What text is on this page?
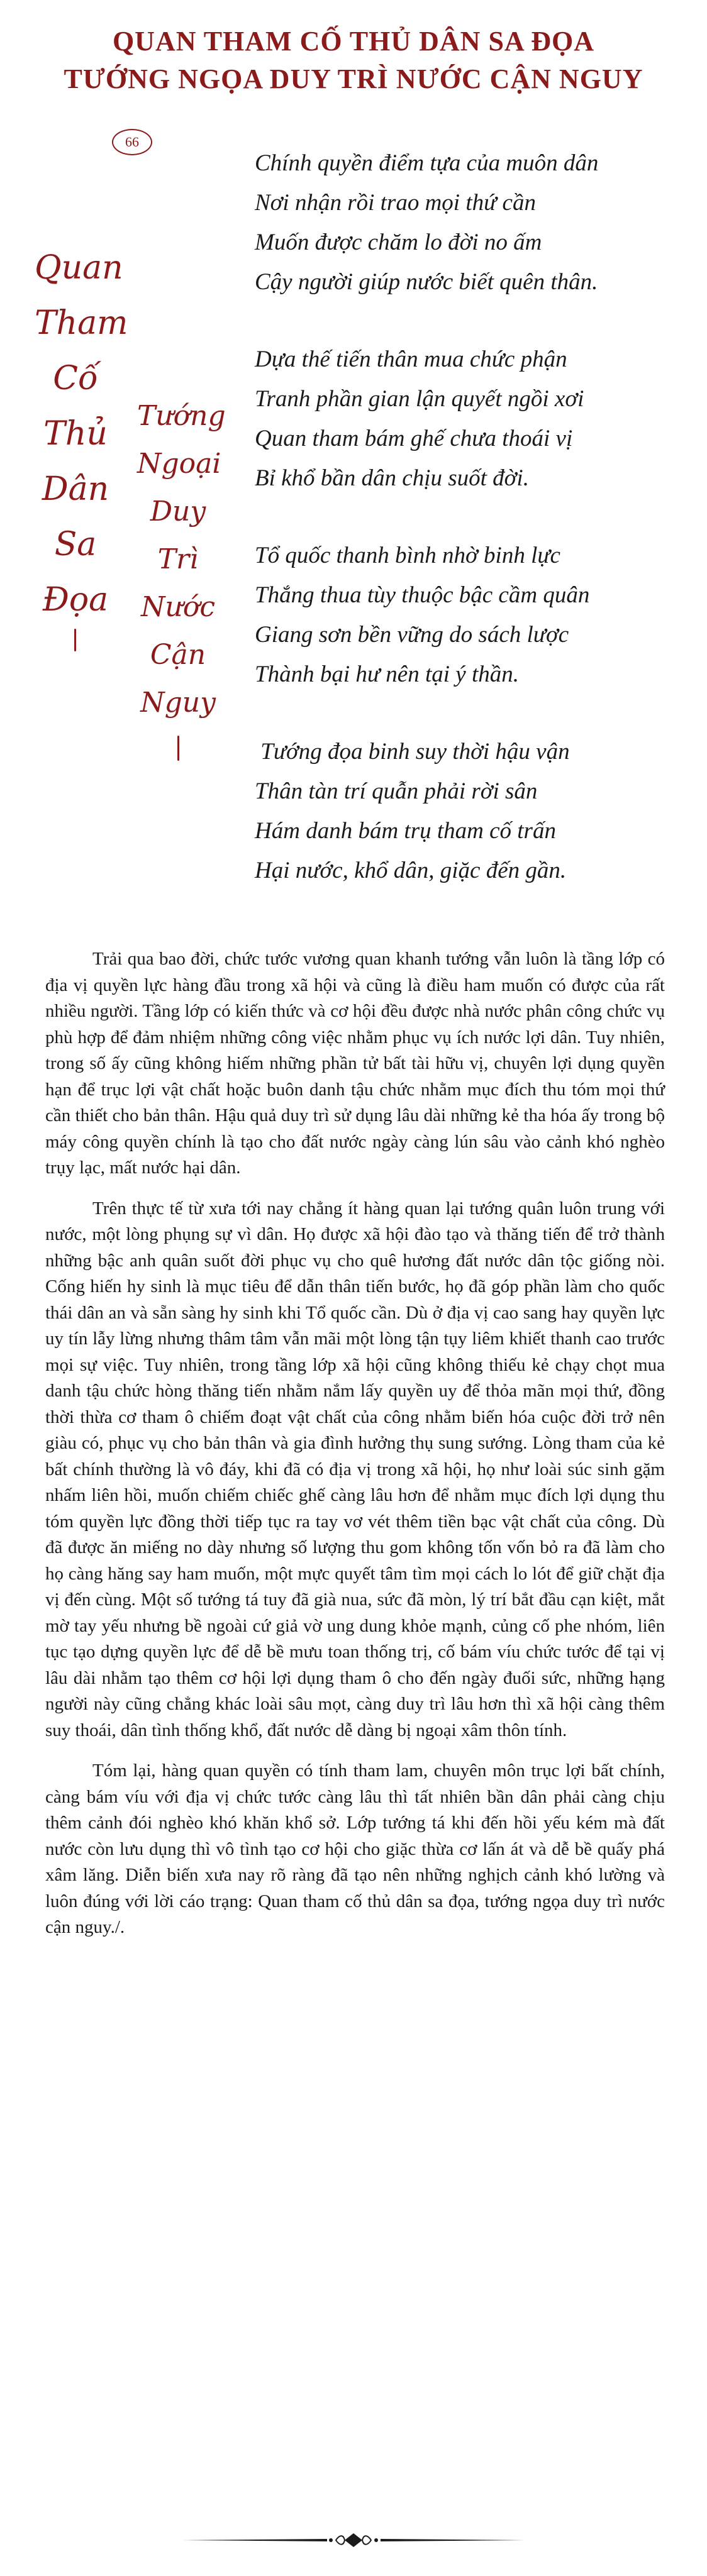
QUAN THAM CỐ THỦ DÂN SA ĐỌA
TƯỚNG NGỌA DUY TRÌ NƯỚC CẬN NGUY
66
Quan
Tham
Cố
Thủ
Dân
Sa
Đọa
Tướng
Ngoại
Duy
Trì
Nước
Cận
Nguy
Chính quyền điểm tựa của muôn dân
Nơi nhận rồi trao mọi thứ cần
Muốn được chăm lo đời no ấm
Cậy người giúp nước biết quên thân.
Dựa thế tiến thân mua chức phận
Tranh phần gian lận quyết ngồi xơi
Quan tham bám ghế chưa thoái vị
Bỉ khổ bần dân chịu suốt đời.
Tổ quốc thanh bình nhờ binh lực
Thắng thua tùy thuộc bậc cầm quân
Giang sơn bền vững do sách lược
Thành bại hư nên tại ý thần.
Tướng đọa binh suy thời hậu vận
Thân tàn trí quẫn phải rời sân
Hám danh bám trụ tham cố trấn
Hại nước, khổ dân, giặc đến gần.

Trải qua bao đời, chức tước vương quan khanh tướng vẫn luôn là tầng lớp có địa vị quyền lực hàng đầu trong xã hội và cũng là điều ham muốn có được của rất nhiều người. Tầng lớp có kiến thức và cơ hội đều được nhà nước phân công chức vụ phù hợp để đảm nhiệm những công việc nhằm phục vụ ích nước lợi dân. Tuy nhiên, trong số ấy cũng không hiếm những phần tử bất tài hữu vị, chuyên lợi dụng quyền hạn để trục lợi vật chất hoặc buôn danh tậu chức nhằm mục đích thu tóm mọi thứ cần thiết cho bản thân. Hậu quả duy trì sử dụng lâu dài những kẻ tha hóa ấy trong bộ máy công quyền chính là tạo cho đất nước ngày càng lún sâu vào cảnh khó nghèo trụy lạc, mất nước hại dân.

Trên thực tế từ xưa tới nay chẳng ít hàng quan lại tướng quân luôn trung với nước, một lòng phụng sự vì dân. Họ được xã hội đào tạo và thăng tiến để trở thành những bậc anh quân suốt đời phục vụ cho quê hương đất nước dân tộc giống nòi. Cống hiến hy sinh là mục tiêu để dẫn thân tiến bước, họ đã góp phần làm cho quốc thái dân an và sẵn sàng hy sinh khi Tổ quốc cần. Dù ở địa vị cao sang hay quyền lực uy tín lẫy lừng nhưng thâm tâm vẫn mãi một lòng tận tụy liêm khiết thanh cao trước mọi sự việc. Tuy nhiên, trong tầng lớp xã hội cũng không thiếu kẻ chạy chọt mua danh tậu chức hòng thăng tiến nhằm nắm lấy quyền uy để thỏa mãn mọi thứ, đồng thời thừa cơ tham ô chiếm đoạt vật chất của công nhằm biến hóa cuộc đời trở nên giàu có, phục vụ cho bản thân và gia đình hưởng thụ sung sướng. Lòng tham của kẻ bất chính thường là vô đáy, khi đã có địa vị trong xã hội, họ như loài súc sinh gặm nhấm liên hồi, muốn chiếm chiếc ghế càng lâu hơn để nhằm mục đích lợi dụng thu tóm quyền lực đồng thời tiếp tục ra tay vơ vét thêm tiền bạc vật chất của công. Dù đã được ăn miếng no dày nhưng số lượng thu gom không tốn vốn bỏ ra đã làm cho họ càng hăng say ham muốn, một mực quyết tâm tìm mọi cách lo lót để giữ chặt địa vị đến cùng. Một số tướng tá tuy đã già nua, sức đã mòn, lý trí bắt đầu cạn kiệt, mắt mờ tay yếu nhưng bề ngoài cứ giả vờ ung dung khỏe mạnh, củng cố phe nhóm, liên tục tạo dựng quyền lực để dễ bề mưu toan thống trị, cố bám víu chức tước để tại vị lâu dài nhằm tạo thêm cơ hội lợi dụng tham ô cho đến ngày đuối sức, những hạng người này cũng chẳng khác loài sâu mọt, càng duy trì lâu hơn thì xã hội càng thêm suy thoái, dân tình thống khổ, đất nước dễ dàng bị ngoại xâm thôn tính.

Tóm lại, hàng quan quyền có tính tham lam, chuyên môn trục lợi bất chính, càng bám víu với địa vị chức tước càng lâu thì tất nhiên bần dân phải càng chịu thêm cảnh đói nghèo khó khăn khổ sở. Lớp tướng tá khi đến hồi yếu kém mà đất nước còn lưu dụng thì vô tình tạo cơ hội cho giặc thừa cơ lấn át và dễ bề quấy phá xâm lăng. Diễn biến xưa nay rõ ràng đã tạo nên những nghịch cảnh khó lường và luôn đúng với lời cáo trạng: Quan tham cố thủ dân sa đọa, tướng ngọa duy trì nước cận nguy./.
